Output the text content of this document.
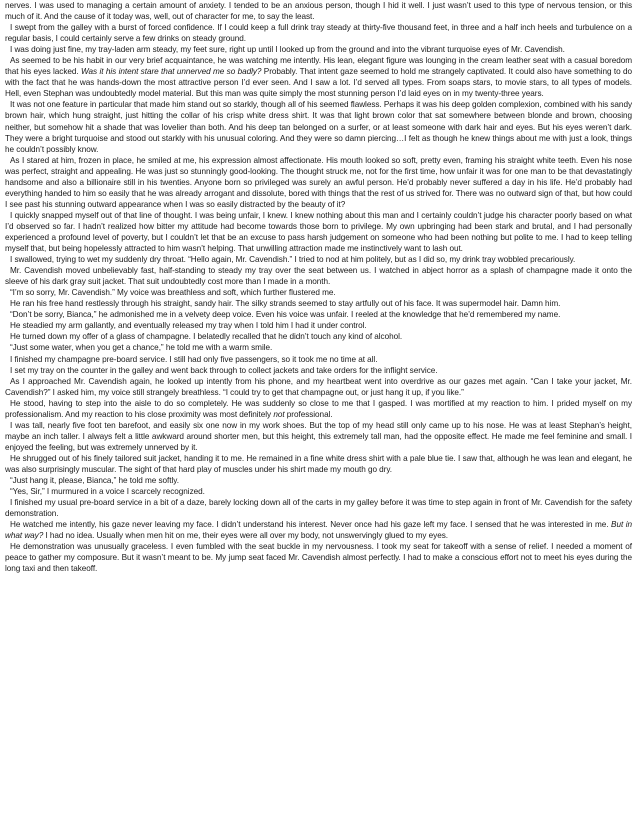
nerves. I was used to managing a certain amount of anxiety. I tended to be an anxious person, though I hid it well. I just wasn’t used to this type of nervous tension, or this much of it. And the cause of it today was, well, out of character for me, to say the least.

I swept from the galley with a burst of forced confidence. If I could keep a full drink tray steady at thirty-five thousand feet, in three and a half inch heels and turbulence on a regular basis, I could certainly serve a few drinks on steady ground.

I was doing just fine, my tray-laden arm steady, my feet sure, right up until I looked up from the ground and into the vibrant turquoise eyes of Mr. Cavendish.

As seemed to be his habit in our very brief acquaintance, he was watching me intently. His lean, elegant figure was lounging in the cream leather seat with a casual boredom that his eyes lacked. Was it his intent stare that unnerved me so badly? Probably. That intent gaze seemed to hold me strangely captivated. It could also have something to do with the fact that he was hands-down the most attractive person I’d ever seen. And I saw a lot. I’d served all types. From soaps stars, to movie stars, to all types of models. Hell, even Stephan was undoubtedly model material. But this man was quite simply the most stunning person I’d laid eyes on in my twenty-three years.

It was not one feature in particular that made him stand out so starkly, though all of his seemed flawless. Perhaps it was his deep golden complexion, combined with his sandy brown hair, which hung straight, just hitting the collar of his crisp white dress shirt. It was that light brown color that sat somewhere between blonde and brown, choosing neither, but somehow hit a shade that was lovelier than both. And his deep tan belonged on a surfer, or at least someone with dark hair and eyes. But his eyes weren’t dark. They were a bright turquoise and stood out starkly with his unusual coloring. And they were so damn piercing…I felt as though he knew things about me with just a look, things he couldn’t possibly know.

As I stared at him, frozen in place, he smiled at me, his expression almost affectionate. His mouth looked so soft, pretty even, framing his straight white teeth. Even his nose was perfect, straight and appealing. He was just so stunningly good-looking. The thought struck me, not for the first time, how unfair it was for one man to be that devastatingly handsome and also a billionaire still in his twenties. Anyone born so privileged was surely an awful person. He’d probably never suffered a day in his life. He’d probably had everything handed to him so easily that he was already arrogant and dissolute, bored with things that the rest of us strived for. There was no outward sign of that, but how could I see past his stunning outward appearance when I was so easily distracted by the beauty of it?

I quickly snapped myself out of that line of thought. I was being unfair, I knew. I knew nothing about this man and I certainly couldn’t judge his character poorly based on what I’d observed so far. I hadn’t realized how bitter my attitude had become towards those born to privilege. My own upbringing had been stark and brutal, and I had personally experienced a profound level of poverty, but I couldn’t let that be an excuse to pass harsh judgement on someone who had been nothing but polite to me. I had to keep telling myself that, but being hopelessly attracted to him wasn’t helping. That unwilling attraction made me instinctively want to lash out.

I swallowed, trying to wet my suddenly dry throat. “Hello again, Mr. Cavendish.” I tried to nod at him politely, but as I did so, my drink tray wobbled precariously.

Mr. Cavendish moved unbelievably fast, half-standing to steady my tray over the seat between us. I watched in abject horror as a splash of champagne made it onto the sleeve of his dark gray suit jacket. That suit undoubtedly cost more than I made in a month.

“I’m so sorry, Mr. Cavendish.” My voice was breathless and soft, which further flustered me.

He ran his free hand restlessly through his straight, sandy hair. The silky strands seemed to stay artfully out of his face. It was supermodel hair. Damn him.

“Don’t be sorry, Bianca,” he admonished me in a velvety deep voice. Even his voice was unfair. I reeled at the knowledge that he’d remembered my name.

He steadied my arm gallantly, and eventually released my tray when I told him I had it under control.

He turned down my offer of a glass of champagne. I belatedly recalled that he didn’t touch any kind of alcohol.

“Just some water, when you get a chance,” he told me with a warm smile.

I finished my champagne pre-board service. I still had only five passengers, so it took me no time at all.

I set my tray on the counter in the galley and went back through to collect jackets and take orders for the inflight service.

As I approached Mr. Cavendish again, he looked up intently from his phone, and my heartbeat went into overdrive as our gazes met again. “Can I take your jacket, Mr. Cavendish?” I asked him, my voice still strangely breathless. “I could try to get that champagne out, or just hang it up, if you like.”

He stood, having to step into the aisle to do so completely. He was suddenly so close to me that I gasped. I was mortified at my reaction to him. I prided myself on my professionalism. And my reaction to his close proximity was most definitely not professional.

I was tall, nearly five foot ten barefoot, and easily six one now in my work shoes. But the top of my head still only came up to his nose. He was at least Stephan’s height, maybe an inch taller. I always felt a little awkward around shorter men, but this height, this extremely tall man, had the opposite effect. He made me feel feminine and small. I enjoyed the feeling, but was extremely unnerved by it.

He shrugged out of his finely tailored suit jacket, handing it to me. He remained in a fine white dress shirt with a pale blue tie. I saw that, although he was lean and elegant, he was also surprisingly muscular. The sight of that hard play of muscles under his shirt made my mouth go dry.

“Just hang it, please, Bianca,” he told me softly.

“Yes, Sir,” I murmured in a voice I scarcely recognized.

I finished my usual pre-board service in a bit of a daze, barely locking down all of the carts in my galley before it was time to step again in front of Mr. Cavendish for the safety demonstration.

He watched me intently, his gaze never leaving my face. I didn’t understand his interest. Never once had his gaze left my face. I sensed that he was interested in me. But in what way? I had no idea. Usually when men hit on me, their eyes were all over my body, not unswervingly glued to my eyes.

He demonstration was unusually graceless. I even fumbled with the seat buckle in my nervousness. I took my seat for takeoff with a sense of relief. I needed a moment of peace to gather my composure. But it wasn’t meant to be. My jump seat faced Mr. Cavendish almost perfectly. I had to make a conscious effort not to meet his eyes during the long taxi and then takeoff.
